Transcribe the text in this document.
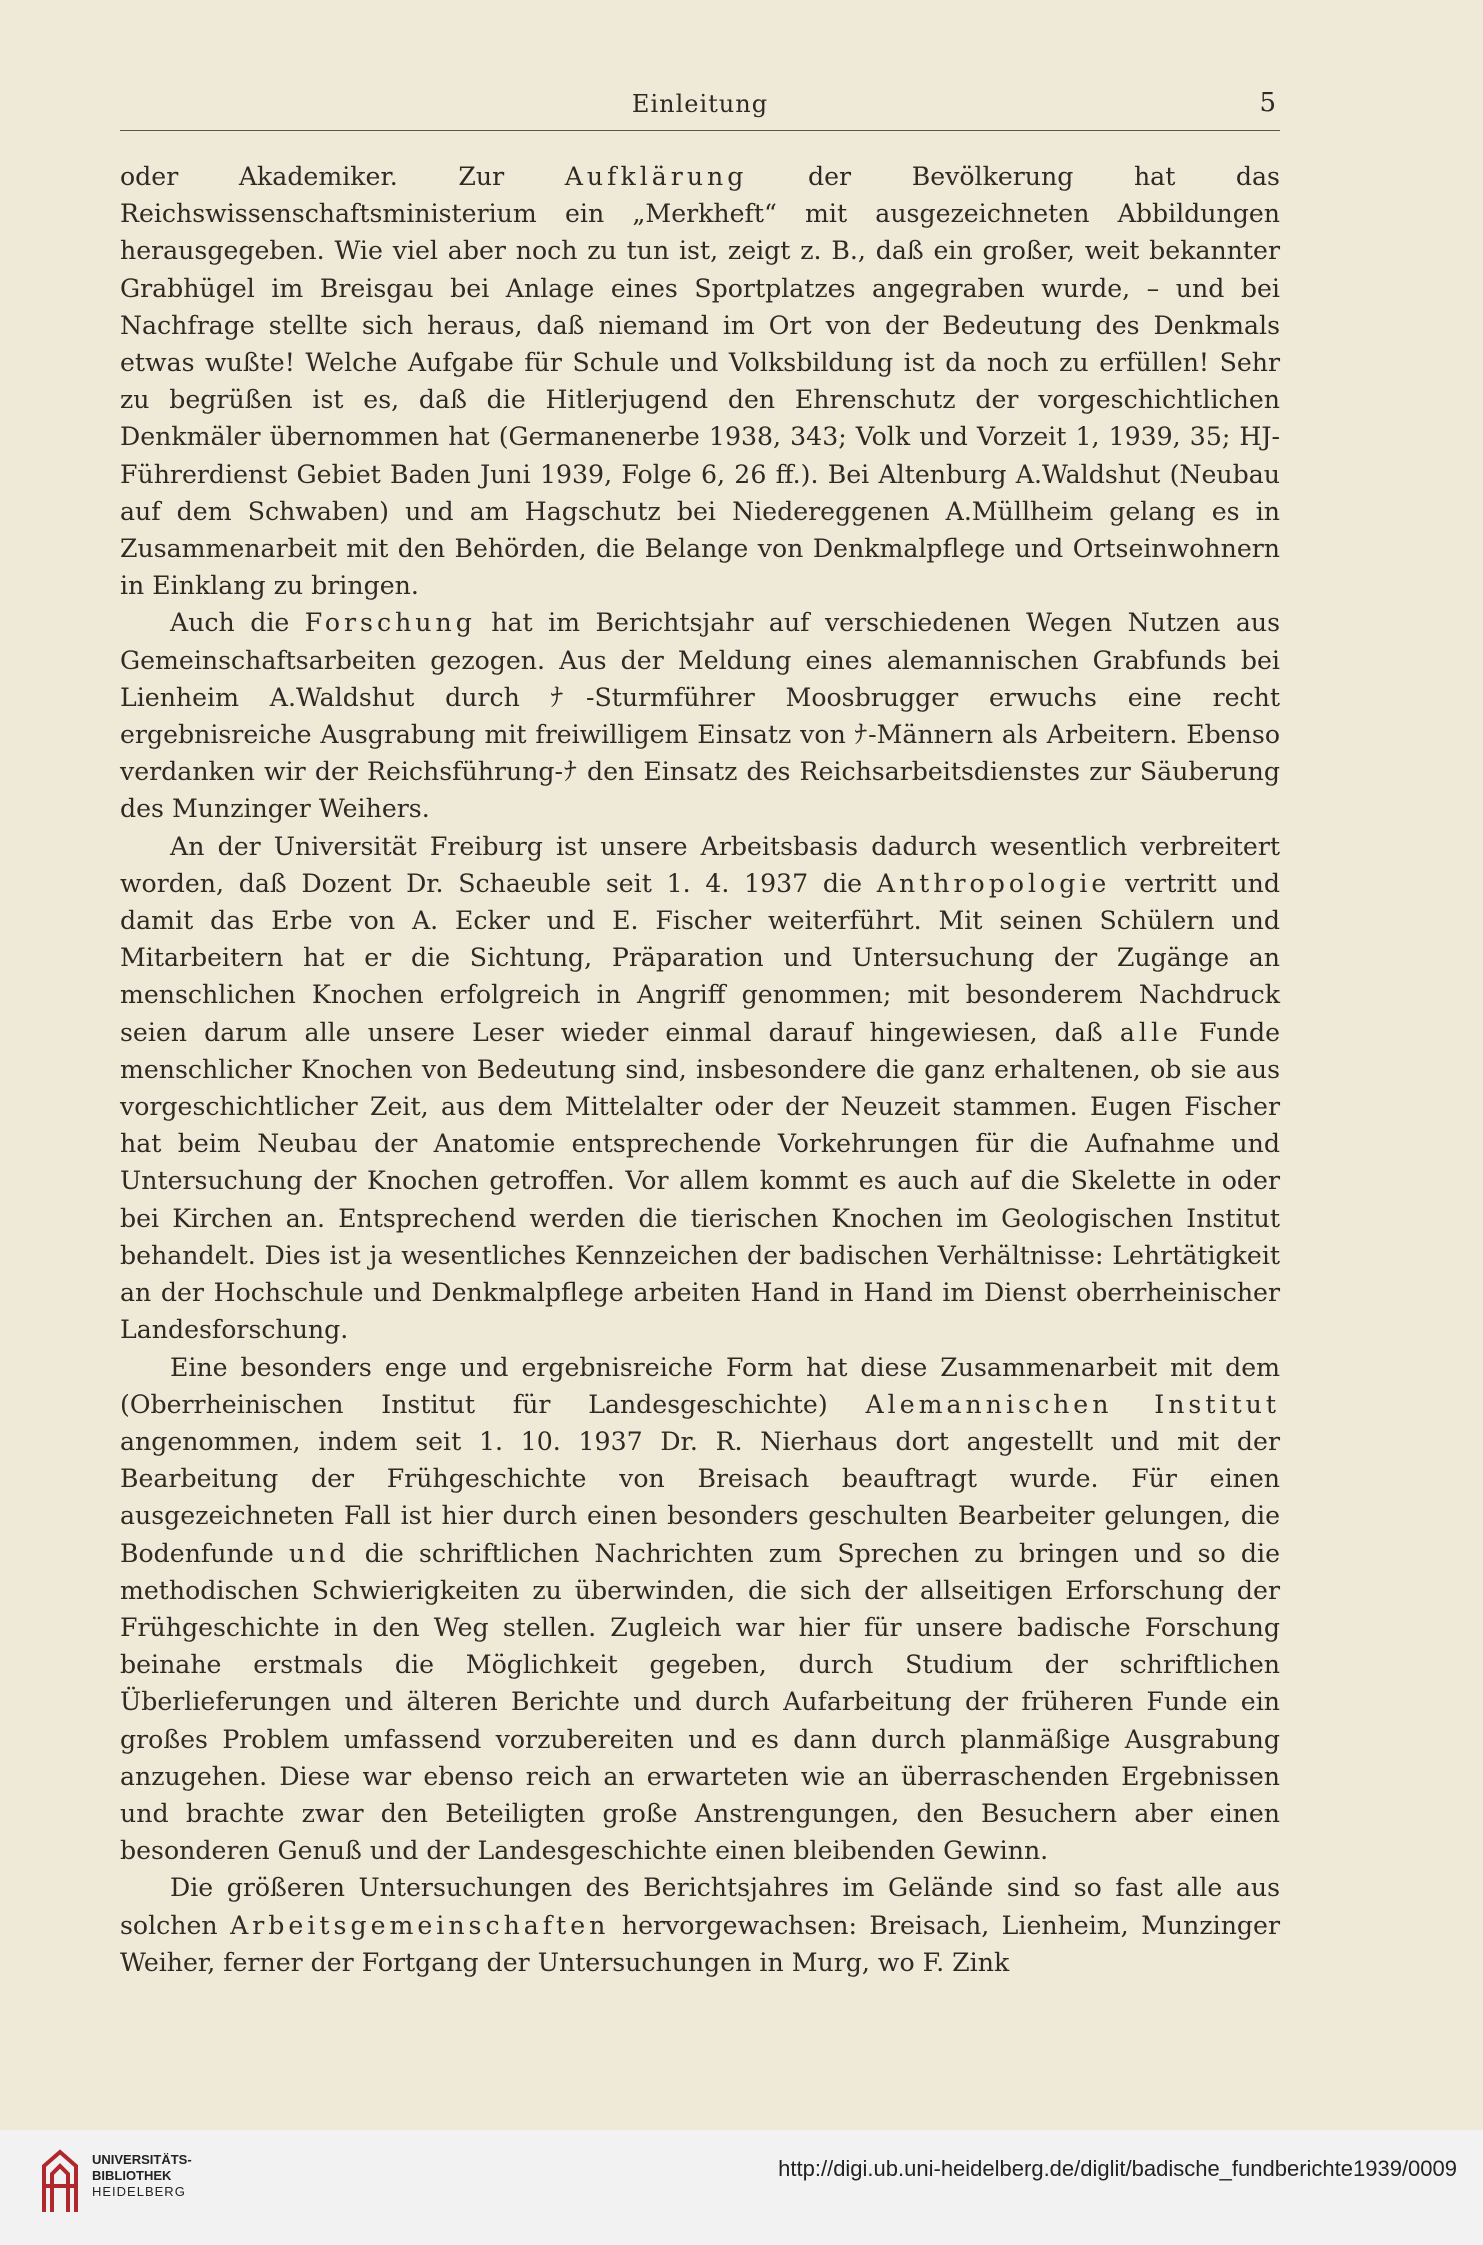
Einleitung	5

oder Akademiker. Zur Aufklärung der Bevölkerung hat das Reichswissenschaftsministerium ein „Merkheft“ mit ausgezeichneten Abbildungen herausgegeben. Wie viel aber noch zu tun ist, zeigt z. B., daß ein großer, weit bekannter Grabhügel im Breisgau bei Anlage eines Sportplatzes angegraben wurde, – und bei Nachfrage stellte sich heraus, daß niemand im Ort von der Bedeutung des Denkmals etwas wußte! Welche Aufgabe für Schule und Volksbildung ist da noch zu erfüllen! Sehr zu begrüßen ist es, daß die Hitlerjugend den Ehrenschutz der vorgeschichtlichen Denkmäler übernommen hat (Germanenerbe 1938, 343; Volk und Vorzeit 1, 1939, 35; HJ-Führerdienst Gebiet Baden Juni 1939, Folge 6, 26 ff.). Bei Altenburg A.Waldshut (Neubau auf dem Schwaben) und am Hagschutz bei Niedereggenen A.Müllheim gelang es in Zusammenarbeit mit den Behörden, die Belange von Denkmalpflege und Ortseinwohnern in Einklang zu bringen.

Auch die Forschung hat im Berichtsjahr auf verschiedenen Wegen Nutzen aus Gemeinschaftsarbeiten gezogen. Aus der Meldung eines alemannischen Grabfunds bei Lienheim A.Waldshut durch ﾅ-Sturmführer Moosbrugger erwuchs eine recht ergebnisreiche Ausgrabung mit freiwilligem Einsatz von ﾅ-Männern als Arbeitern. Ebenso verdanken wir der Reichsführung-ﾅ den Einsatz des Reichsarbeitsdienstes zur Säuberung des Munzinger Weihers.

An der Universität Freiburg ist unsere Arbeitsbasis dadurch wesentlich verbreitert worden, daß Dozent Dr. Schaeuble seit 1. 4. 1937 die Anthropologie vertritt und damit das Erbe von A. Ecker und E. Fischer weiterführt. Mit seinen Schülern und Mitarbeitern hat er die Sichtung, Präparation und Untersuchung der Zugänge an menschlichen Knochen erfolgreich in Angriff genommen; mit besonderem Nachdruck seien darum alle unsere Leser wieder einmal darauf hingewiesen, daß alle Funde menschlicher Knochen von Bedeutung sind, insbesondere die ganz erhaltenen, ob sie aus vorgeschichtlicher Zeit, aus dem Mittelalter oder der Neuzeit stammen. Eugen Fischer hat beim Neubau der Anatomie entsprechende Vorkehrungen für die Aufnahme und Untersuchung der Knochen getroffen. Vor allem kommt es auch auf die Skelette in oder bei Kirchen an. Entsprechend werden die tierischen Knochen im Geologischen Institut behandelt. Dies ist ja wesentliches Kennzeichen der badischen Verhältnisse: Lehrtätigkeit an der Hochschule und Denkmalpflege arbeiten Hand in Hand im Dienst oberrheinischer Landesforschung.

Eine besonders enge und ergebnisreiche Form hat diese Zusammenarbeit mit dem (Oberrheinischen Institut für Landesgeschichte) Alemannischen Institut angenommen, indem seit 1. 10. 1937 Dr. R. Nierhaus dort angestellt und mit der Bearbeitung der Frühgeschichte von Breisach beauftragt wurde. Für einen ausgezeichneten Fall ist hier durch einen besonders geschulten Bearbeiter gelungen, die Bodenfunde und die schriftlichen Nachrichten zum Sprechen zu bringen und so die methodischen Schwierigkeiten zu überwinden, die sich der allseitigen Erforschung der Frühgeschichte in den Weg stellen. Zugleich war hier für unsere badische Forschung beinahe erstmals die Möglichkeit gegeben, durch Studium der schriftlichen Überlieferungen und älteren Berichte und durch Aufarbeitung der früheren Funde ein großes Problem umfassend vorzubereiten und es dann durch planmäßige Ausgrabung anzugehen. Diese war ebenso reich an erwarteten wie an überraschenden Ergebnissen und brachte zwar den Beteiligten große Anstrengungen, den Besuchern aber einen besonderen Genuß und der Landesgeschichte einen bleibenden Gewinn.

Die größeren Untersuchungen des Berichtsjahres im Gelände sind so fast alle aus solchen Arbeitsgemeinschaften hervorgewachsen: Breisach, Lienheim, Munzinger Weiher, ferner der Fortgang der Untersuchungen in Murg, wo F. Zink

UNIVERSITÄTS-
BIBLIOTHEK
HEIDELBERG
http://digi.ub.uni-heidelberg.de/diglit/badische_fundberichte1939/0009
